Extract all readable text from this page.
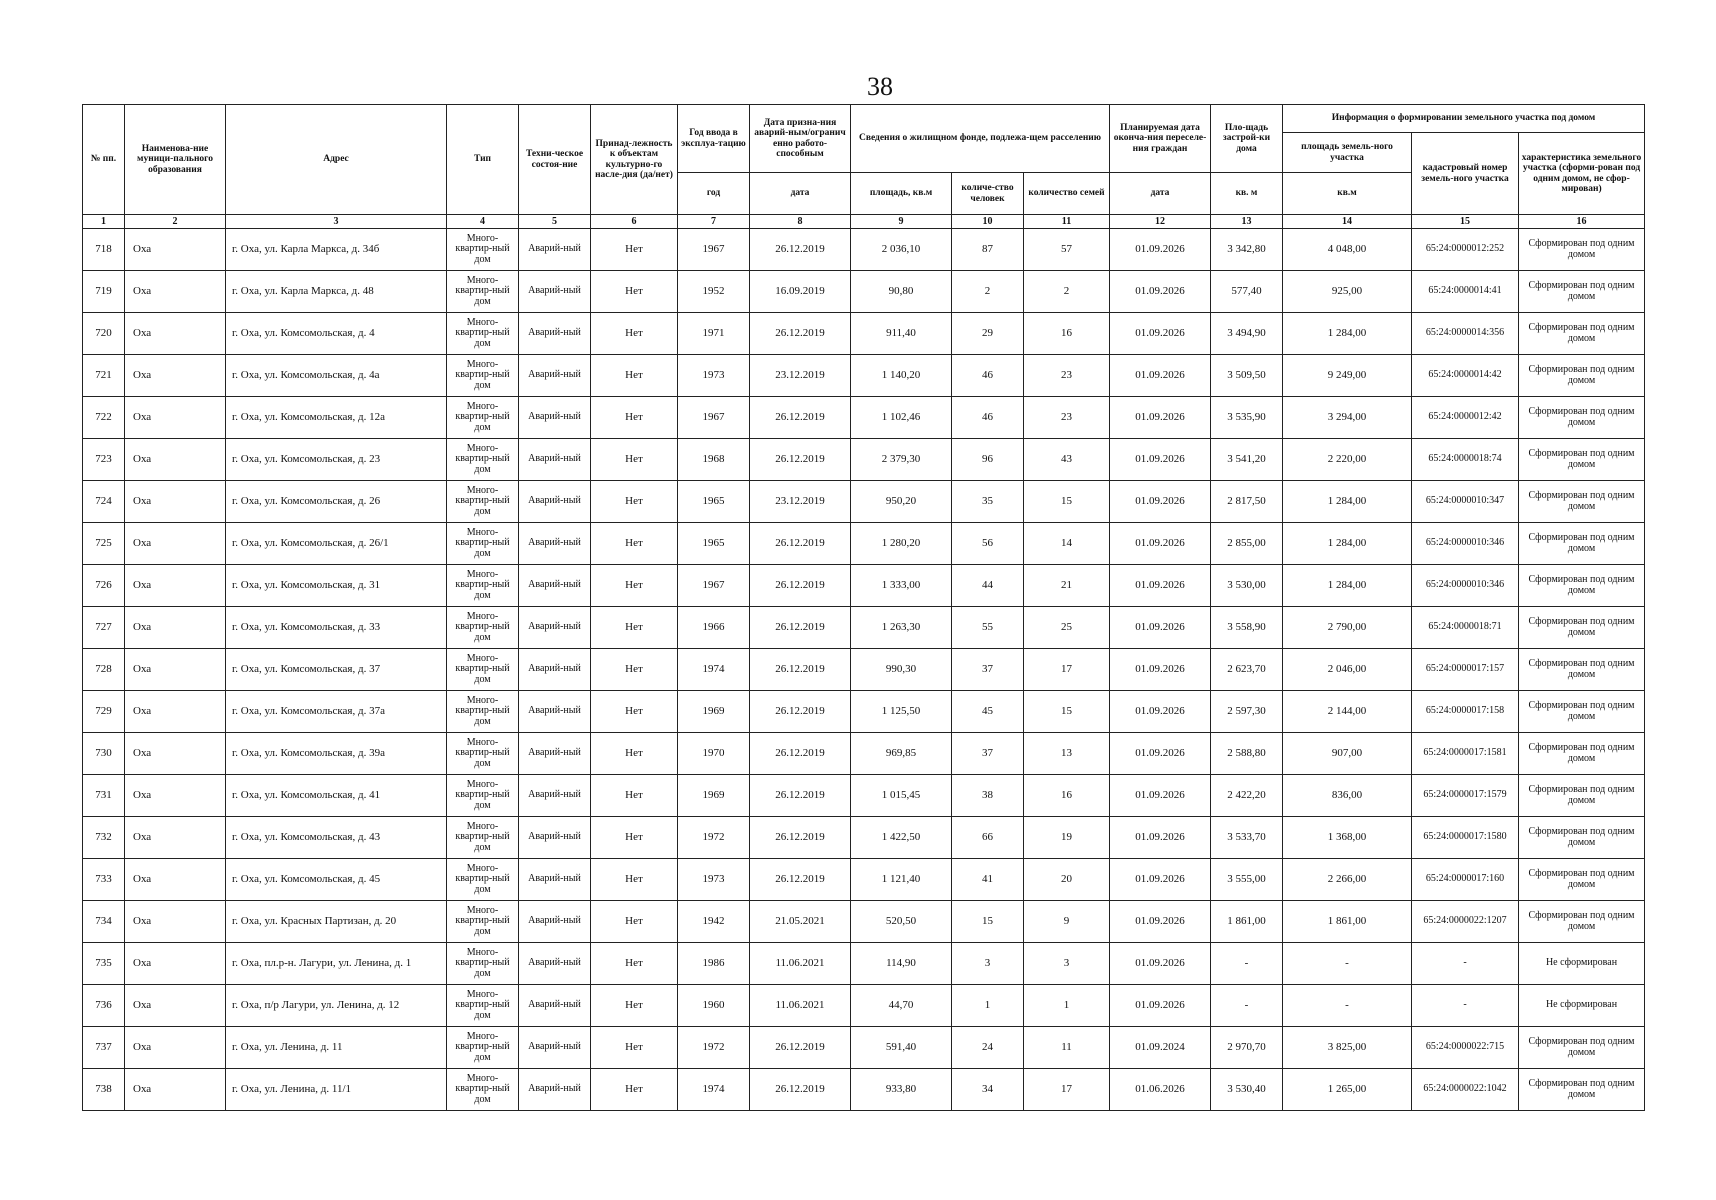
38
№ пп.	Наименова-ние муници-пального образования	Адрес	Тип	Техни-ческое состоя-ние	Принад-лежность к объектам культурно-го насле-дия (да/нет)	Год ввода в эксплуа-тацию	Дата призна-ния аварий-ным/огранич енно работо-способным	Сведения о жилищном фонде, подлежа-щем расселению			Планируемая дата оконча-ния переселе-ния граждан	Пло-щадь застрой-ки дома	Информация о формировании земельного участка под домом		
													площадь земель-ного участка	кадастровый номер земель-ного участка	характеристика земельного участка (сформи-рован под одним домом, не сфор-мирован)
						год	дата	площадь, кв.м	количе-ство человек	количество семей	дата	кв. м	кв.м		
1	2	3	4	5	6	7	8	9	10	11	12	13	14	15	16
718	Оха	г. Оха, ул. Карла Маркса, д. 34б	Много-квартир-ный дом	Аварий-ный	Нет	1967	26.12.2019	2 036,10	87	57	01.09.2026	3 342,80	4 048,00	65:24:0000012:252	Сформирован под одним домом
719	Оха	г. Оха, ул. Карла Маркса, д. 48	Много-квартир-ный дом	Аварий-ный	Нет	1952	16.09.2019	90,80	2	2	01.09.2026	577,40	925,00	65:24:0000014:41	Сформирован под одним домом
720	Оха	г. Оха, ул. Комсомольская, д. 4	Много-квартир-ный дом	Аварий-ный	Нет	1971	26.12.2019	911,40	29	16	01.09.2026	3 494,90	1 284,00	65:24:0000014:356	Сформирован под одним домом
721	Оха	г. Оха, ул. Комсомольская, д. 4а	Много-квартир-ный дом	Аварий-ный	Нет	1973	23.12.2019	1 140,20	46	23	01.09.2026	3 509,50	9 249,00	65:24:0000014:42	Сформирован под одним домом
722	Оха	г. Оха, ул. Комсомольская, д. 12а	Много-квартир-ный дом	Аварий-ный	Нет	1967	26.12.2019	1 102,46	46	23	01.09.2026	3 535,90	3 294,00	65:24:0000012:42	Сформирован под одним домом
723	Оха	г. Оха, ул. Комсомольская, д. 23	Много-квартир-ный дом	Аварий-ный	Нет	1968	26.12.2019	2 379,30	96	43	01.09.2026	3 541,20	2 220,00	65:24:0000018:74	Сформирован под одним домом
724	Оха	г. Оха, ул. Комсомольская, д. 26	Много-квартир-ный дом	Аварий-ный	Нет	1965	23.12.2019	950,20	35	15	01.09.2026	2 817,50	1 284,00	65:24:0000010:347	Сформирован под одним домом
725	Оха	г. Оха, ул. Комсомольская, д. 26/1	Много-квартир-ный дом	Аварий-ный	Нет	1965	26.12.2019	1 280,20	56	14	01.09.2026	2 855,00	1 284,00	65:24:0000010:346	Сформирован под одним домом
726	Оха	г. Оха, ул. Комсомольская, д. 31	Много-квартир-ный дом	Аварий-ный	Нет	1967	26.12.2019	1 333,00	44	21	01.09.2026	3 530,00	1 284,00	65:24:0000010:346	Сформирован под одним домом
727	Оха	г. Оха, ул. Комсомольская, д. 33	Много-квартир-ный дом	Аварий-ный	Нет	1966	26.12.2019	1 263,30	55	25	01.09.2026	3 558,90	2 790,00	65:24:0000018:71	Сформирован под одним домом
728	Оха	г. Оха, ул. Комсомольская, д. 37	Много-квартир-ный дом	Аварий-ный	Нет	1974	26.12.2019	990,30	37	17	01.09.2026	2 623,70	2 046,00	65:24:0000017:157	Сформирован под одним домом
729	Оха	г. Оха, ул. Комсомольская, д. 37а	Много-квартир-ный дом	Аварий-ный	Нет	1969	26.12.2019	1 125,50	45	15	01.09.2026	2 597,30	2 144,00	65:24:0000017:158	Сформирован под одним домом
730	Оха	г. Оха, ул. Комсомольская, д. 39а	Много-квартир-ный дом	Аварий-ный	Нет	1970	26.12.2019	969,85	37	13	01.09.2026	2 588,80	907,00	65:24:0000017:1581	Сформирован под одним домом
731	Оха	г. Оха, ул. Комсомольская, д. 41	Много-квартир-ный дом	Аварий-ный	Нет	1969	26.12.2019	1 015,45	38	16	01.09.2026	2 422,20	836,00	65:24:0000017:1579	Сформирован под одним домом
732	Оха	г. Оха, ул. Комсомольская, д. 43	Много-квартир-ный дом	Аварий-ный	Нет	1972	26.12.2019	1 422,50	66	19	01.09.2026	3 533,70	1 368,00	65:24:0000017:1580	Сформирован под одним домом
733	Оха	г. Оха, ул. Комсомольская, д. 45	Много-квартир-ный дом	Аварий-ный	Нет	1973	26.12.2019	1 121,40	41	20	01.09.2026	3 555,00	2 266,00	65:24:0000017:160	Сформирован под одним домом
734	Оха	г. Оха, ул. Красных Партизан, д. 20	Много-квартир-ный дом	Аварий-ный	Нет	1942	21.05.2021	520,50	15	9	01.09.2026	1 861,00	1 861,00	65:24:0000022:1207	Сформирован под одним домом
735	Оха	г. Оха, пл.р-н. Лагури, ул. Ленина, д. 1	Много-квартир-ный дом	Аварий-ный	Нет	1986	11.06.2021	114,90	3	3	01.09.2026	-	-	-	Не сформирован
736	Оха	г. Оха, п/р Лагури, ул. Ленина, д. 12	Много-квартир-ный дом	Аварий-ный	Нет	1960	11.06.2021	44,70	1	1	01.09.2026	-	-	-	Не сформирован
737	Оха	г. Оха, ул. Ленина, д. 11	Много-квартир-ный дом	Аварий-ный	Нет	1972	26.12.2019	591,40	24	11	01.09.2024	2 970,70	3 825,00	65:24:0000022:715	Сформирован под одним домом
738	Оха	г. Оха, ул. Ленина, д. 11/1	Много-квартир-ный дом	Аварий-ный	Нет	1974	26.12.2019	933,80	34	17	01.06.2026	3 530,40	1 265,00	65:24:0000022:1042	Сформирован под одним домом
